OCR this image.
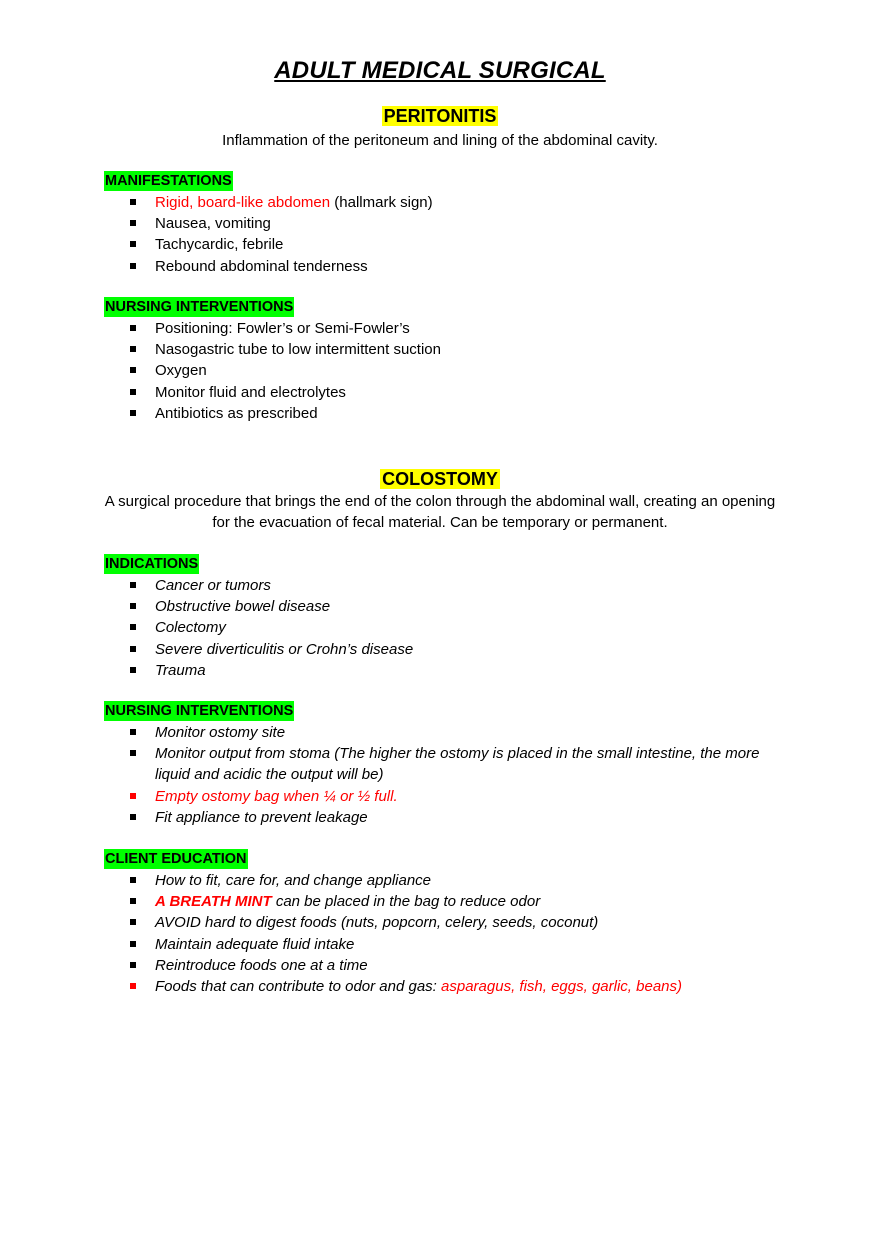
ADULT MEDICAL SURGICAL
PERITONITIS
Inflammation of the peritoneum and lining of the abdominal cavity.
MANIFESTATIONS
Rigid, board-like abdomen (hallmark sign)
Nausea, vomiting
Tachycardic, febrile
Rebound abdominal tenderness
NURSING INTERVENTIONS
Positioning: Fowler’s or Semi-Fowler’s
Nasogastric tube to low intermittent suction
Oxygen
Monitor fluid and electrolytes
Antibiotics as prescribed
COLOSTOMY
A surgical procedure that brings the end of the colon through the abdominal wall, creating an opening for the evacuation of fecal material. Can be temporary or permanent.
INDICATIONS
Cancer or tumors
Obstructive bowel disease
Colectomy
Severe diverticulitis or Crohn’s disease
Trauma
NURSING INTERVENTIONS
Monitor ostomy site
Monitor output from stoma (The higher the ostomy is placed in the small intestine, the more liquid and acidic the output will be)
Empty ostomy bag when ¼ or ½ full.
Fit appliance to prevent leakage
CLIENT EDUCATION
How to fit, care for, and change appliance
A BREATH MINT can be placed in the bag to reduce odor
AVOID hard to digest foods (nuts, popcorn, celery, seeds, coconut)
Maintain adequate fluid intake
Reintroduce foods one at a time
Foods that can contribute to odor and gas: asparagus, fish, eggs, garlic, beans)
